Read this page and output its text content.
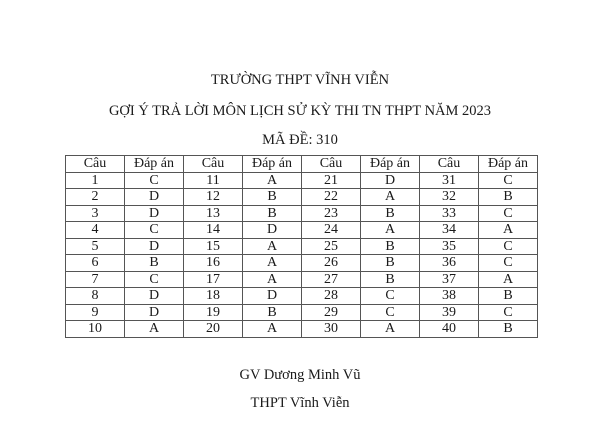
TRƯỜNG THPT VĨNH VIỄN
GỢI Ý TRẢ LỜI MÔN LỊCH SỬ KỲ THI TN THPT NĂM 2023
MÃ ĐỀ: 310
Câu	Đáp án	Câu	Đáp án	Câu	Đáp án	Câu	Đáp án
1	C	11	A	21	D	31	C
2	D	12	B	22	A	32	B
3	D	13	B	23	B	33	C
4	C	14	D	24	A	34	A
5	D	15	A	25	B	35	C
6	B	16	A	26	B	36	C
7	C	17	A	27	B	37	A
8	D	18	D	28	C	38	B
9	D	19	B	29	C	39	C
10	A	20	A	30	A	40	B
GV Dương Minh Vũ
THPT Vĩnh Viễn
